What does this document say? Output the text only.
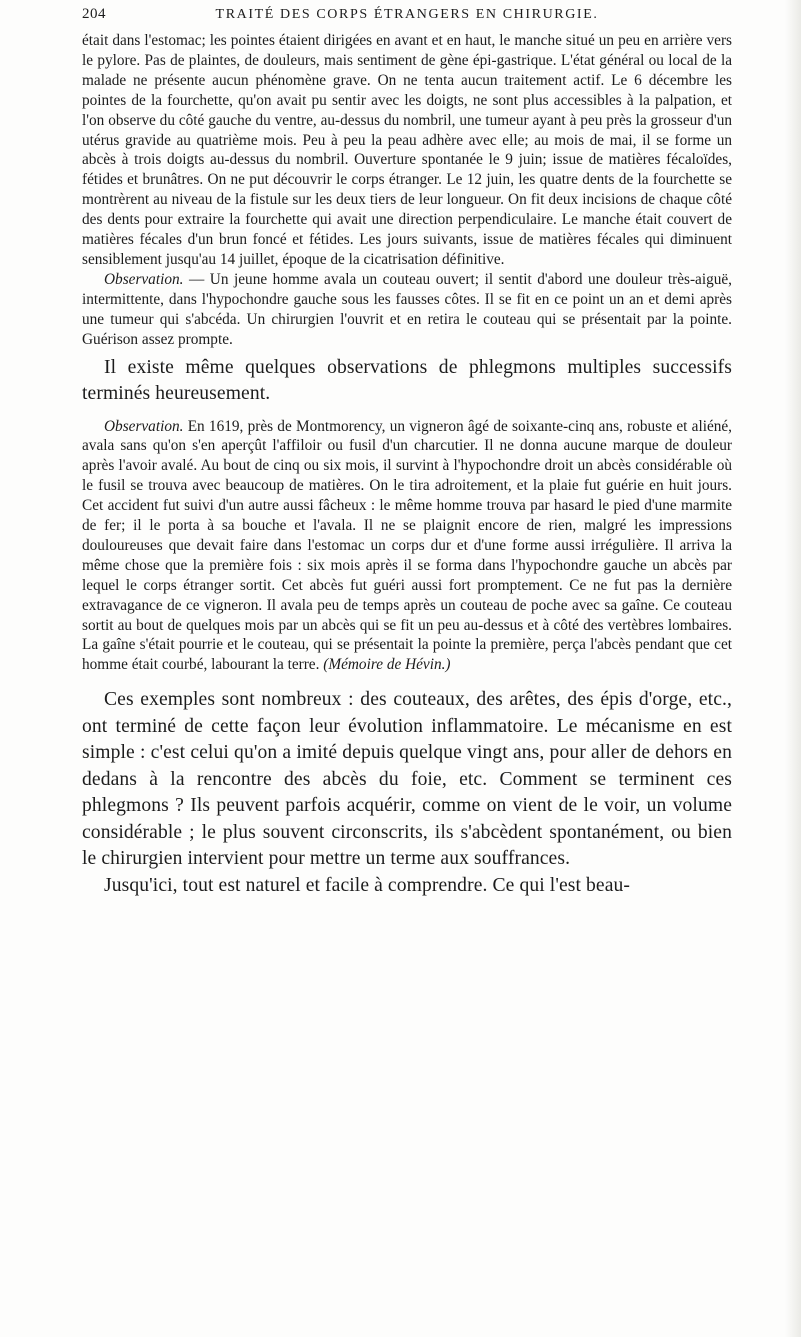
204	TRAITÉ DES CORPS ÉTRANGERS EN CHIRURGIE.

était dans l'estomac; les pointes étaient dirigées en avant et en haut, le manche situé un peu en arrière vers le pylore. Pas de plaintes, de douleurs, mais sentiment de gène épi-gastrique. L'état général ou local de la malade ne présente aucun phénomène grave. On ne tenta aucun traitement actif. Le 6 décembre les pointes de la fourchette, qu'on avait pu sentir avec les doigts, ne sont plus accessibles à la palpation, et l'on observe du côté gauche du ventre, au-dessus du nombril, une tumeur ayant à peu près la grosseur d'un utérus gravide au quatrième mois. Peu à peu la peau adhère avec elle; au mois de mai, il se forme un abcès à trois doigts au-dessus du nombril. Ouverture spontanée le 9 juin; issue de matières fécaloïdes, fétides et brunâtres. On ne put découvrir le corps étranger. Le 12 juin, les quatre dents de la fourchette se montrèrent au niveau de la fistule sur les deux tiers de leur longueur. On fit deux incisions de chaque côté des dents pour extraire la fourchette qui avait une direction perpendiculaire. Le manche était couvert de matières fécales d'un brun foncé et fétides. Les jours suivants, issue de matières fécales qui diminuent sensiblement jusqu'au 14 juillet, époque de la cicatrisation définitive.

Observation. — Un jeune homme avala un couteau ouvert; il sentit d'abord une douleur très-aiguë, intermittente, dans l'hypochondre gauche sous les fausses côtes. Il se fit en ce point un an et demi après une tumeur qui s'abcéda. Un chirurgien l'ouvrit et en retira le couteau qui se présentait par la pointe. Guérison assez prompte.

Il existe même quelques observations de phlegmons multiples successifs terminés heureusement.

Observation. En 1619, près de Montmorency, un vigneron âgé de soixante-cinq ans, robuste et aliéné, avala sans qu'on s'en aperçût l'affiloir ou fusil d'un charcutier. Il ne donna aucune marque de douleur après l'avoir avalé. Au bout de cinq ou six mois, il survint à l'hypochondre droit un abcès considérable où le fusil se trouva avec beaucoup de matières. On le tira adroitement, et la plaie fut guérie en huit jours. Cet accident fut suivi d'un autre aussi fâcheux : le même homme trouva par hasard le pied d'une marmite de fer; il le porta à sa bouche et l'avala. Il ne se plaignit encore de rien, malgré les impressions douloureuses que devait faire dans l'estomac un corps dur et d'une forme aussi irrégulière. Il arriva la même chose que la première fois : six mois après il se forma dans l'hypochondre gauche un abcès par lequel le corps étranger sortit. Cet abcès fut guéri aussi fort promptement. Ce ne fut pas la dernière extravagance de ce vigneron. Il avala peu de temps après un couteau de poche avec sa gaîne. Ce couteau sortit au bout de quelques mois par un abcès qui se fit un peu au-dessus et à côté des vertèbres lombaires. La gaîne s'était pourrie et le couteau, qui se présentait la pointe la première, perça l'abcès pendant que cet homme était courbé, labourant la terre. (Mémoire de Hévin.)

Ces exemples sont nombreux : des couteaux, des arêtes, des épis d'orge, etc., ont terminé de cette façon leur évolution inflammatoire. Le mécanisme en est simple : c'est celui qu'on a imité depuis quelque vingt ans, pour aller de dehors en dedans à la rencontre des abcès du foie, etc. Comment se terminent ces phlegmons ? Ils peuvent parfois acquérir, comme on vient de le voir, un volume considérable ; le plus souvent circonscrits, ils s'abcèdent spontanément, ou bien le chirurgien intervient pour mettre un terme aux souffrances.

Jusqu'ici, tout est naturel et facile à comprendre. Ce qui l'est beau-
